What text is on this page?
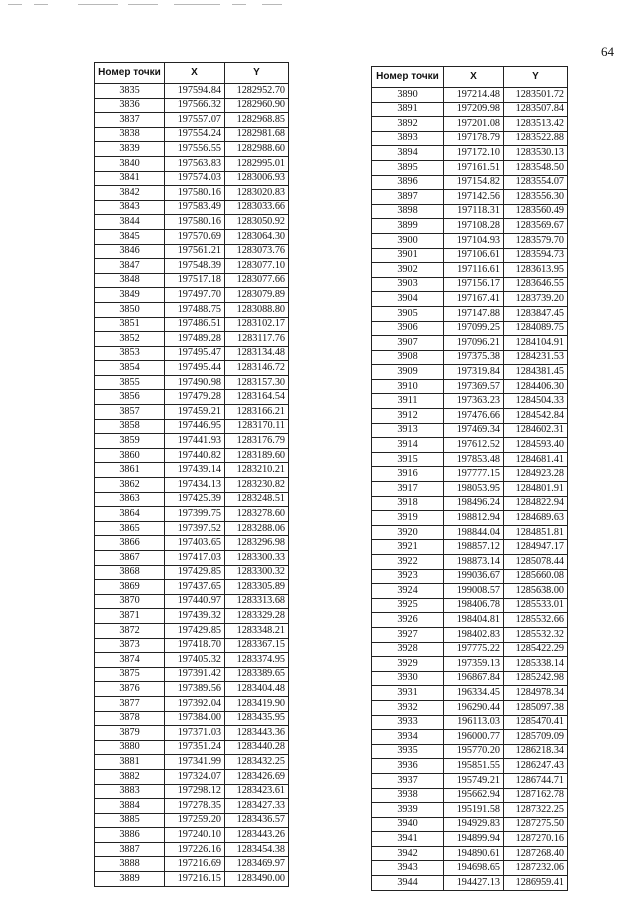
64
Номер точки	X	Y
3835	197594.84	1282952.70
3836	197566.32	1282960.90
3837	197557.07	1282968.85
3838	197554.24	1282981.68
3839	197556.55	1282988.60
3840	197563.83	1282995.01
3841	197574.03	1283006.93
3842	197580.16	1283020.83
3843	197583.49	1283033.66
3844	197580.16	1283050.92
3845	197570.69	1283064.30
3846	197561.21	1283073.76
3847	197548.39	1283077.10
3848	197517.18	1283077.66
3849	197497.70	1283079.89
3850	197488.75	1283088.80
3851	197486.51	1283102.17
3852	197489.28	1283117.76
3853	197495.47	1283134.48
3854	197495.44	1283146.72
3855	197490.98	1283157.30
3856	197479.28	1283164.54
3857	197459.21	1283166.21
3858	197446.95	1283170.11
3859	197441.93	1283176.79
3860	197440.82	1283189.60
3861	197439.14	1283210.21
3862	197434.13	1283230.82
3863	197425.39	1283248.51
3864	197399.75	1283278.60
3865	197397.52	1283288.06
3866	197403.65	1283296.98
3867	197417.03	1283300.33
3868	197429.85	1283300.32
3869	197437.65	1283305.89
3870	197440.97	1283313.68
3871	197439.32	1283329.28
3872	197429.85	1283348.21
3873	197418.70	1283367.15
3874	197405.32	1283374.95
3875	197391.42	1283389.65
3876	197389.56	1283404.48
3877	197392.04	1283419.90
3878	197384.00	1283435.95
3879	197371.03	1283443.36
3880	197351.24	1283440.28
3881	197341.99	1283432.25
3882	197324.07	1283426.69
3883	197298.12	1283423.61
3884	197278.35	1283427.33
3885	197259.20	1283436.57
3886	197240.10	1283443.26
3887	197226.16	1283454.38
3888	197216.69	1283469.97
3889	197216.15	1283490.00
Номер точки	X	Y
3890	197214.48	1283501.72
3891	197209.98	1283507.84
3892	197201.08	1283513.42
3893	197178.79	1283522.88
3894	197172.10	1283530.13
3895	197161.51	1283548.50
3896	197154.82	1283554.07
3897	197142.56	1283556.30
3898	197118.31	1283560.49
3899	197108.28	1283569.67
3900	197104.93	1283579.70
3901	197106.61	1283594.73
3902	197116.61	1283613.95
3903	197156.17	1283646.55
3904	197167.41	1283739.20
3905	197147.88	1283847.45
3906	197099.25	1284089.75
3907	197096.21	1284104.91
3908	197375.38	1284231.53
3909	197319.84	1284381.45
3910	197369.57	1284406.30
3911	197363.23	1284504.33
3912	197476.66	1284542.84
3913	197469.34	1284602.31
3914	197612.52	1284593.40
3915	197853.48	1284681.41
3916	197777.15	1284923.28
3917	198053.95	1284801.91
3918	198496.24	1284822.94
3919	198812.94	1284689.63
3920	198844.04	1284851.81
3921	198857.12	1284947.17
3922	198873.14	1285078.44
3923	199036.67	1285660.08
3924	199008.57	1285638.00
3925	198406.78	1285533.01
3926	198404.81	1285532.66
3927	198402.83	1285532.32
3928	197775.22	1285422.29
3929	197359.13	1285338.14
3930	196867.84	1285242.98
3931	196334.45	1284978.34
3932	196290.44	1285097.38
3933	196113.03	1285470.41
3934	196000.77	1285709.09
3935	195770.20	1286218.34
3936	195851.55	1286247.43
3937	195749.21	1286744.71
3938	195662.94	1287162.78
3939	195191.58	1287322.25
3940	194929.83	1287275.50
3941	194899.94	1287270.16
3942	194890.61	1287268.40
3943	194698.65	1287232.06
3944	194427.13	1286959.41
